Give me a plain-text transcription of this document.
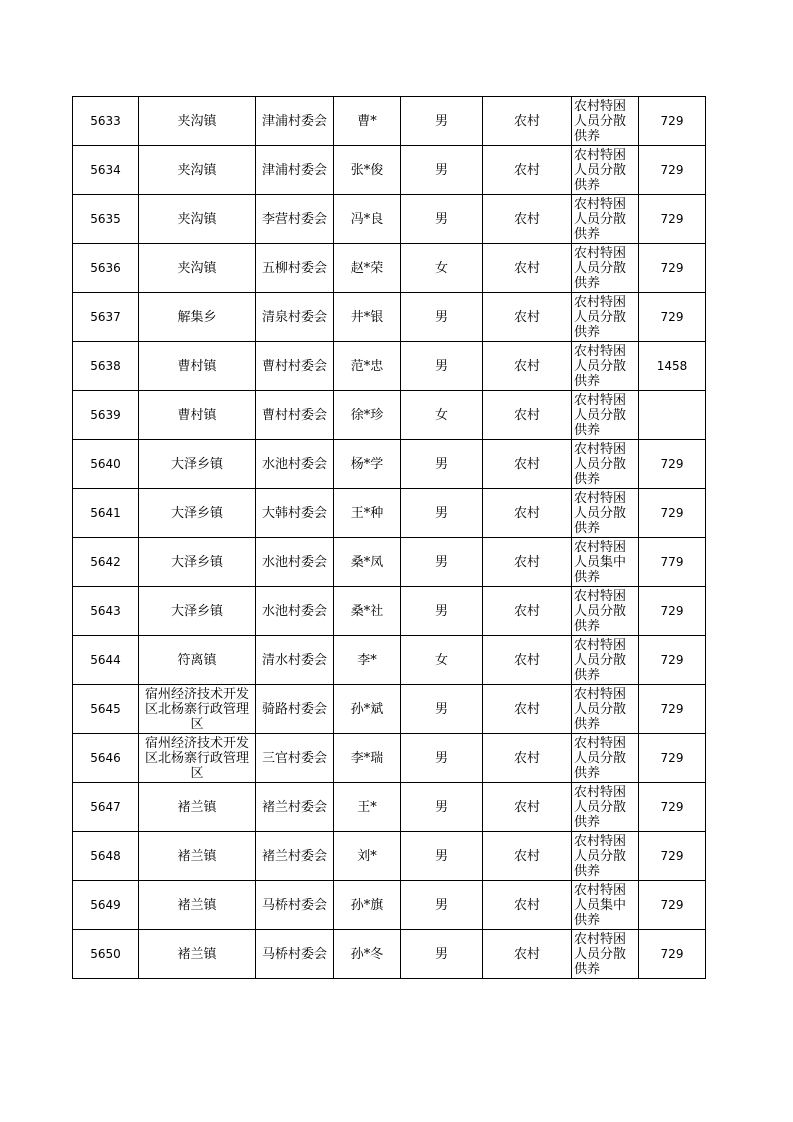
5633	夹沟镇	津浦村委会	曹*	男	农村	农村特困人员分散供养	729
5634	夹沟镇	津浦村委会	张*俊	男	农村	农村特困人员分散供养	729
5635	夹沟镇	李营村委会	冯*良	男	农村	农村特困人员分散供养	729
5636	夹沟镇	五柳村委会	赵*荣	女	农村	农村特困人员分散供养	729
5637	解集乡	清泉村委会	井*银	男	农村	农村特困人员分散供养	729
5638	曹村镇	曹村村委会	范*忠	男	农村	农村特困人员分散供养	1458
5639	曹村镇	曹村村委会	徐*珍	女	农村	农村特困人员分散供养	

5640	大泽乡镇	水池村委会	杨*学	男	农村	农村特困人员分散供养	729
5641	大泽乡镇	大韩村委会	王*种	男	农村	农村特困人员分散供养	729
5642	大泽乡镇	水池村委会	桑*凤	男	农村	农村特困人员集中供养	779
5643	大泽乡镇	水池村委会	桑*社	男	农村	农村特困人员分散供养	729
5644	符离镇	清水村委会	李*	女	农村	农村特困人员分散供养	729
5645	宿州经济技术开发区北杨寨行政管理区	骑路村委会	孙*斌	男	农村	农村特困人员分散供养	729
5646	宿州经济技术开发区北杨寨行政管理区	三官村委会	李*瑞	男	农村	农村特困人员分散供养	729
5647	褚兰镇	褚兰村委会	王*	男	农村	农村特困人员分散供养	729
5648	褚兰镇	褚兰村委会	刘*	男	农村	农村特困人员分散供养	729
5649	褚兰镇	马桥村委会	孙*旗	男	农村	农村特困人员集中供养	729
5650	褚兰镇	马桥村委会	孙*冬	男	农村	农村特困人员分散供养	729
